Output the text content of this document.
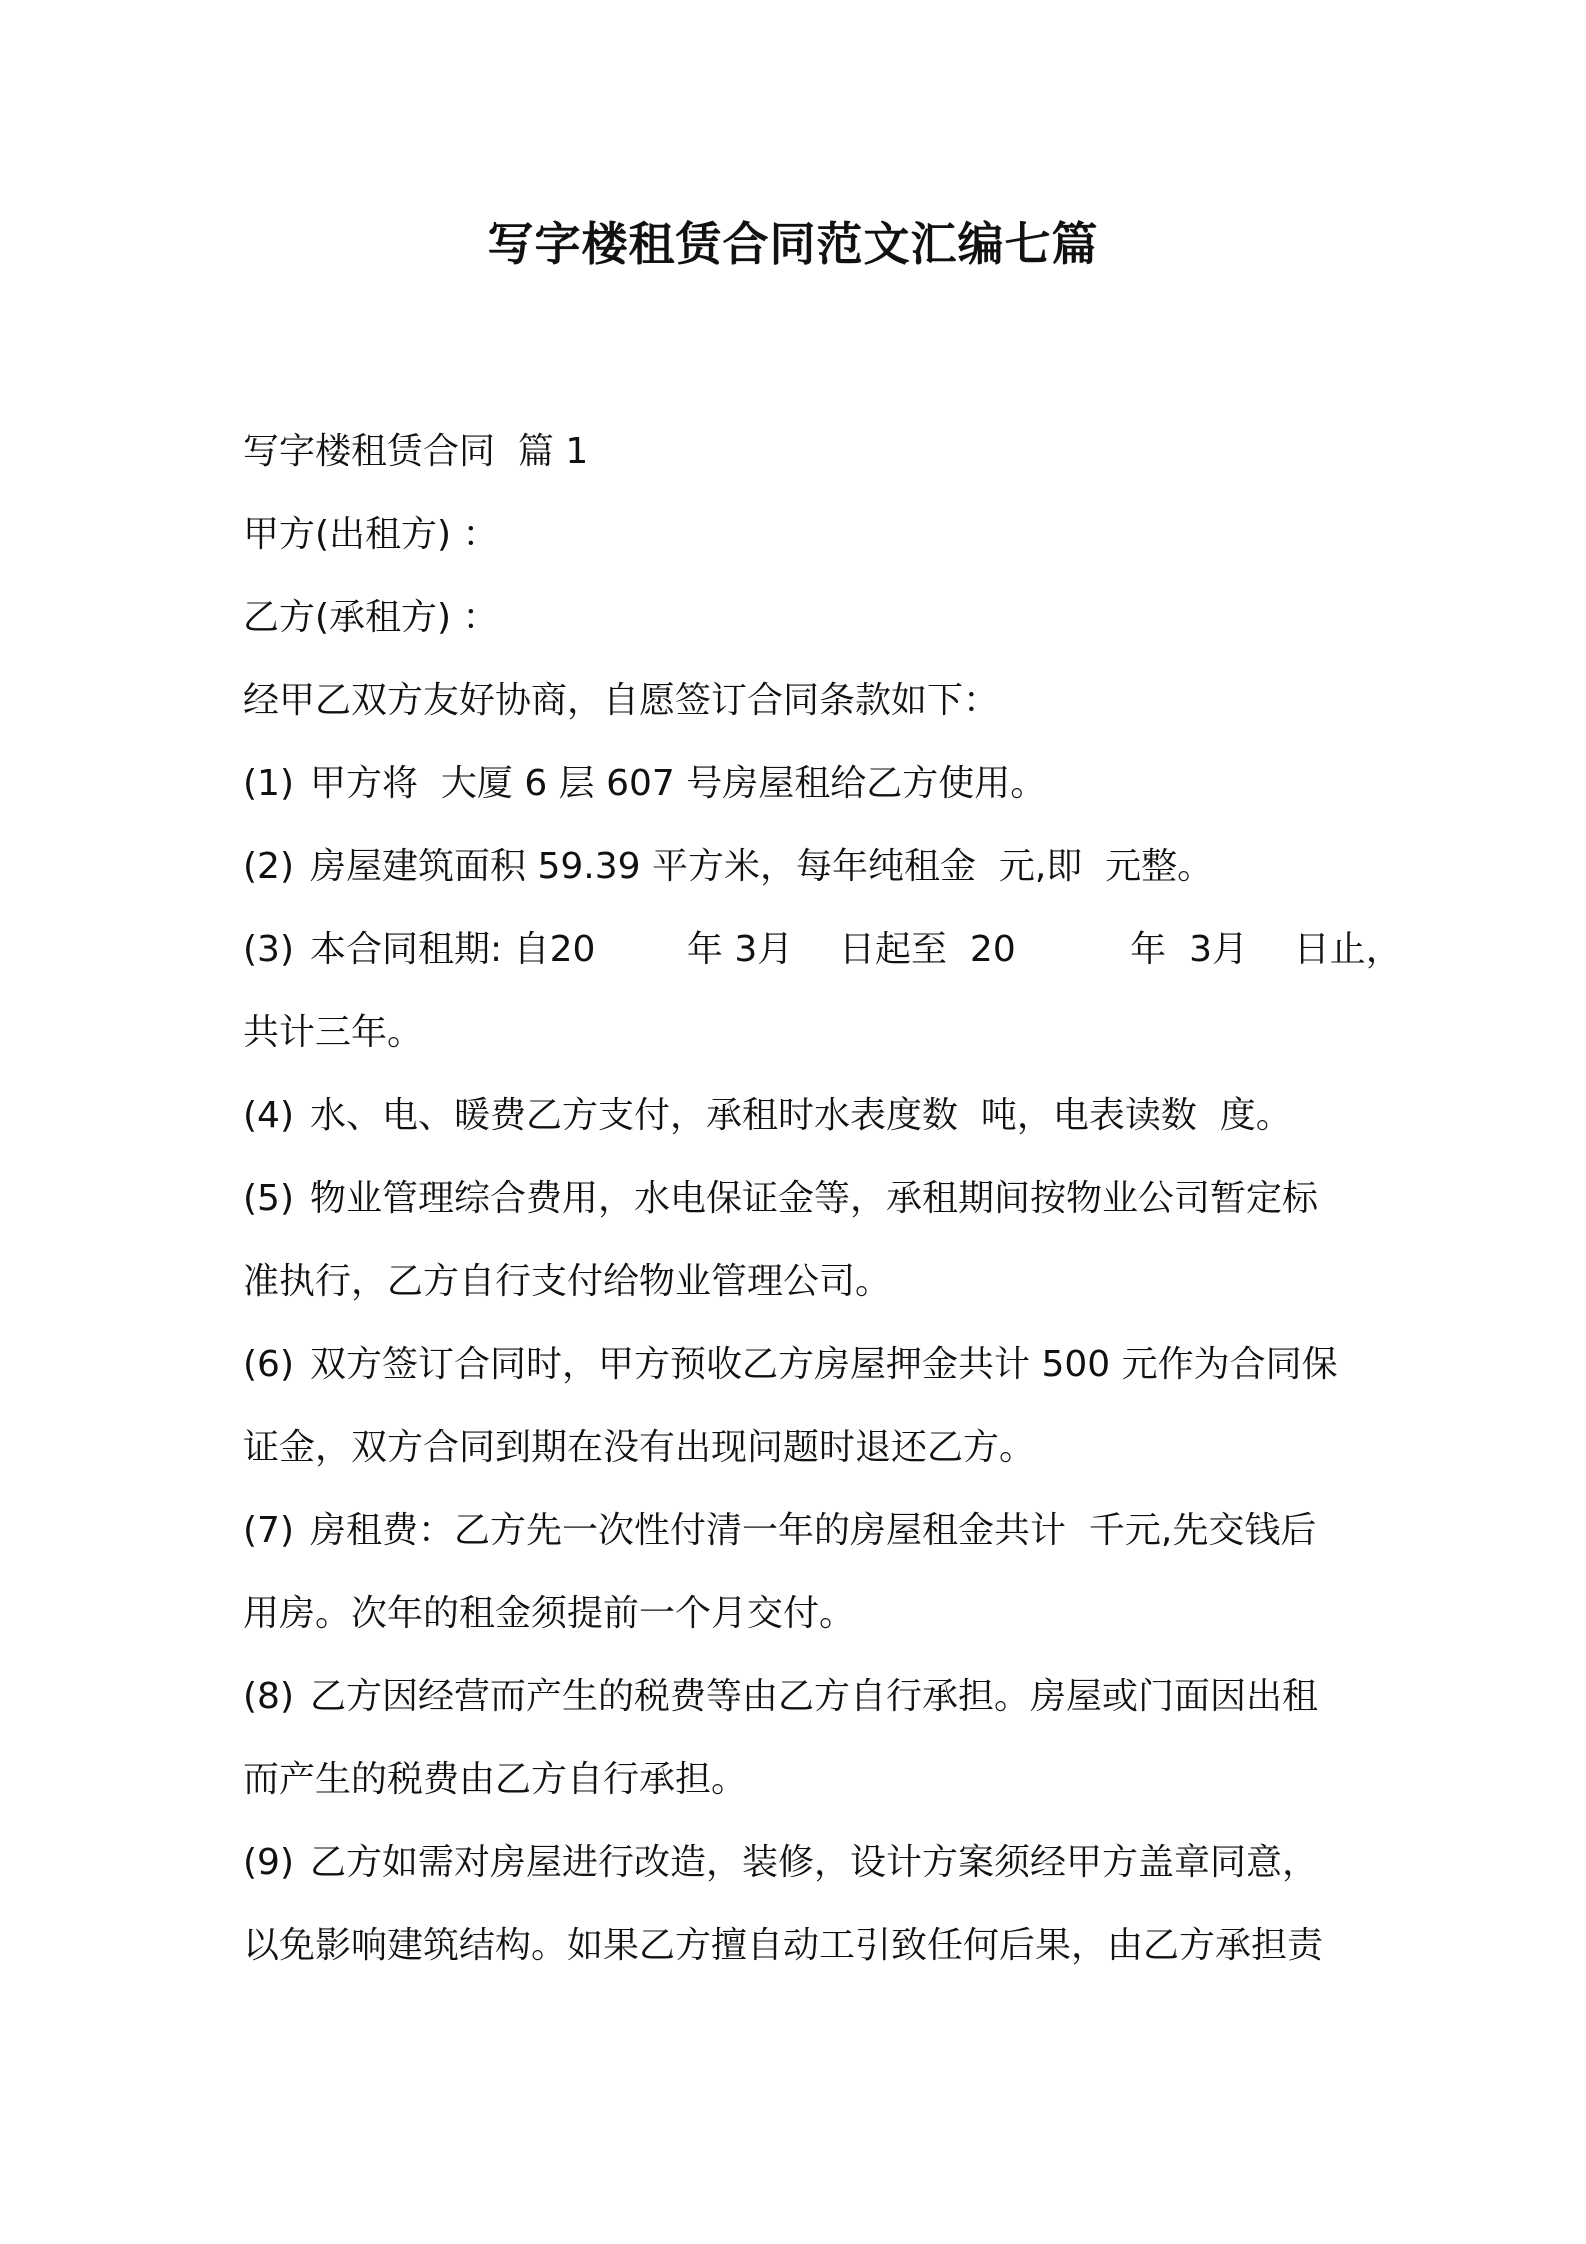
写字楼租赁合同范文汇编七篇
写字楼租赁合同  篇 1
甲方(出租方) ：
乙方(承租方) ：
经甲乙双方友好协商，自愿签订合同条款如下：
(1) 甲方将  大厦 6 层 607 号房屋租给乙方使用。
(2) 房屋建筑面积 59.39 平方米，每年纯租金  元,即  元整。
(3) 本合同租期: 自20        年 3月    日起至  20          年  3月    日止，
共计三年。
(4) 水、电、暖费乙方支付，承租时水表度数  吨，电表读数  度。
(5) 物业管理综合费用，水电保证金等，承租期间按物业公司暂定标
准执行，乙方自行支付给物业管理公司。
(6) 双方签订合同时，甲方预收乙方房屋押金共计 500 元作为合同保
证金，双方合同到期在没有出现问题时退还乙方。
(7) 房租费：乙方先一次性付清一年的房屋租金共计  千元,先交钱后
用房。次年的租金须提前一个月交付。
(8) 乙方因经营而产生的税费等由乙方自行承担。房屋或门面因出租
而产生的税费由乙方自行承担。
(9) 乙方如需对房屋进行改造，装修，设计方案须经甲方盖章同意，
以免影响建筑结构。如果乙方擅自动工引致任何后果，由乙方承担责
